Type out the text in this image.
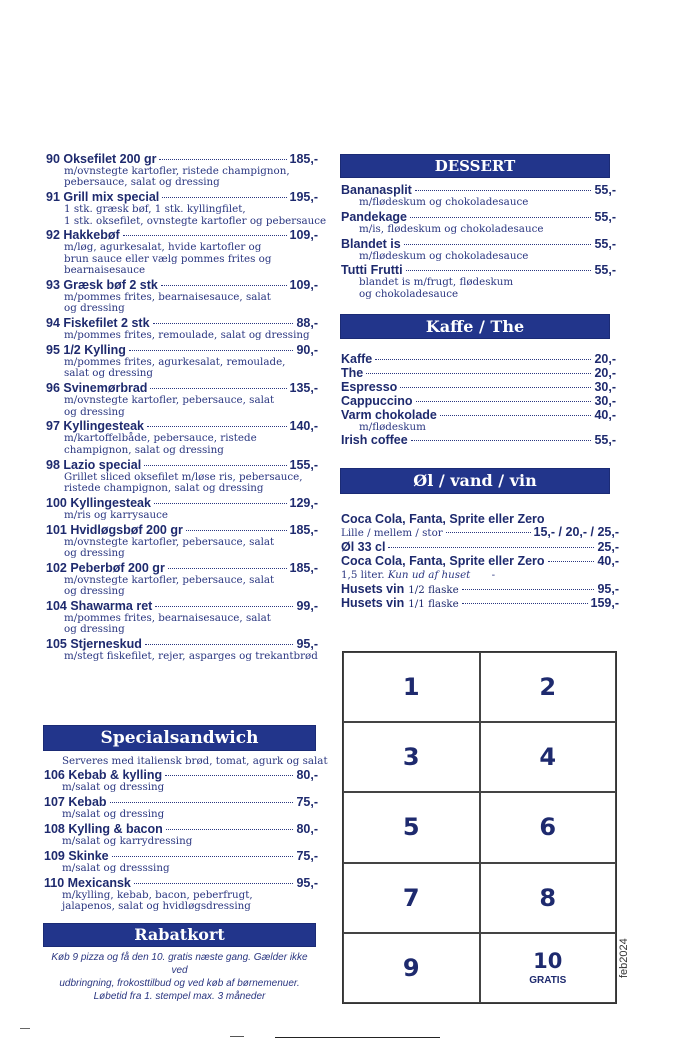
90 Oksefilet 200 gr	185,-
m/ovnstegte kartofler, ristede champignon,
pebersauce, salat og dressing
91 Grill mix special	195,-
1 stk. græsk bøf, 1 stk. kyllingfilet,
1 stk. oksefilet, ovnstegte kartofler og pebersauce
92 Hakkebøf	109,-
m/løg, agurkesalat, hvide kartofler og
brun sauce eller vælg pommes frites og
bearnaisesauce
93 Græsk bøf 2 stk	109,-
m/pommes frites, bearnaisesauce, salat
og dressing
94 Fiskefilet 2 stk	88,-
m/pommes frites, remoulade, salat og dressing
95 1/2 Kylling	90,-
m/pommes frites, agurkesalat, remoulade,
salat og dressing
96 Svinemørbrad	135,-
m/ovnstegte kartofler, pebersauce, salat
og dressing
97 Kyllingesteak	140,-
m/kartoffelbåde, pebersauce, ristede
champignon, salat og dressing
98 Lazio special	155,-
Grillet sliced oksefilet m/løse ris, pebersauce,
ristede champignon, salat og dressing
100 Kyllingesteak	129,-
m/ris og karrysauce
101 Hvidløgsbøf 200 gr	185,-
m/ovnstegte kartofler, pebersauce, salat
og dressing
102 Peberbøf 200 gr	185,-
m/ovnstegte kartofler, pebersauce, salat
og dressing
104 Shawarma ret	99,-
m/pommes frites, bearnaisesauce, salat
og dressing
105 Stjerneskud	95,-
m/stegt fiskefilet, rejer, asparges og trekantbrød
Specialsandwich
Serveres med italiensk brød, tomat, agurk og salat
106 Kebab & kylling	80,-
m/salat og dressing
107 Kebab	75,-
m/salat og dressing
108 Kylling & bacon	80,-
m/salat og karrydressing
109 Skinke	75,-
m/salat og dresssing
110 Mexicansk	95,-
m/kylling, kebab, bacon, peberfrugt,
jalapenos, salat og hvidløgsdressing
Rabatkort
Køb 9 pizza og få den 10. gratis næste gang. Gælder ikke ved
udbringning, frokosttilbud og ved køb af børnemenuer.
Løbetid fra 1. stempel max. 3 måneder
DESSERT
Bananasplit	55,-
m/flødeskum og chokoladesauce
Pandekage	55,-
m/is, flødeskum og chokoladesauce
Blandet is	55,-
m/flødeskum og chokoladesauce
Tutti Frutti	55,-
blandet is m/frugt, flødeskum
og chokoladesauce
Kaffe / The
Kaffe	20,-
The	20,-
Espresso	30,-
Cappuccino	30,-
Varm chokolade	40,-
m/flødeskum
Irish coffee	55,-
Øl / vand / vin
Coca Cola, Fanta, Sprite eller Zero
Lille / mellem / stor	15,- / 20,- / 25,-
Øl 33 cl	25,-
Coca Cola, Fanta, Sprite eller Zero	40,-
1,5 liter. Kun ud af huset -
Husets vin 1/2 flaske	95,-
Husets vin 1/1 flaske	159,-
1	2
3	4
5	6
7	8
9	10
GRATIS
feb2024
